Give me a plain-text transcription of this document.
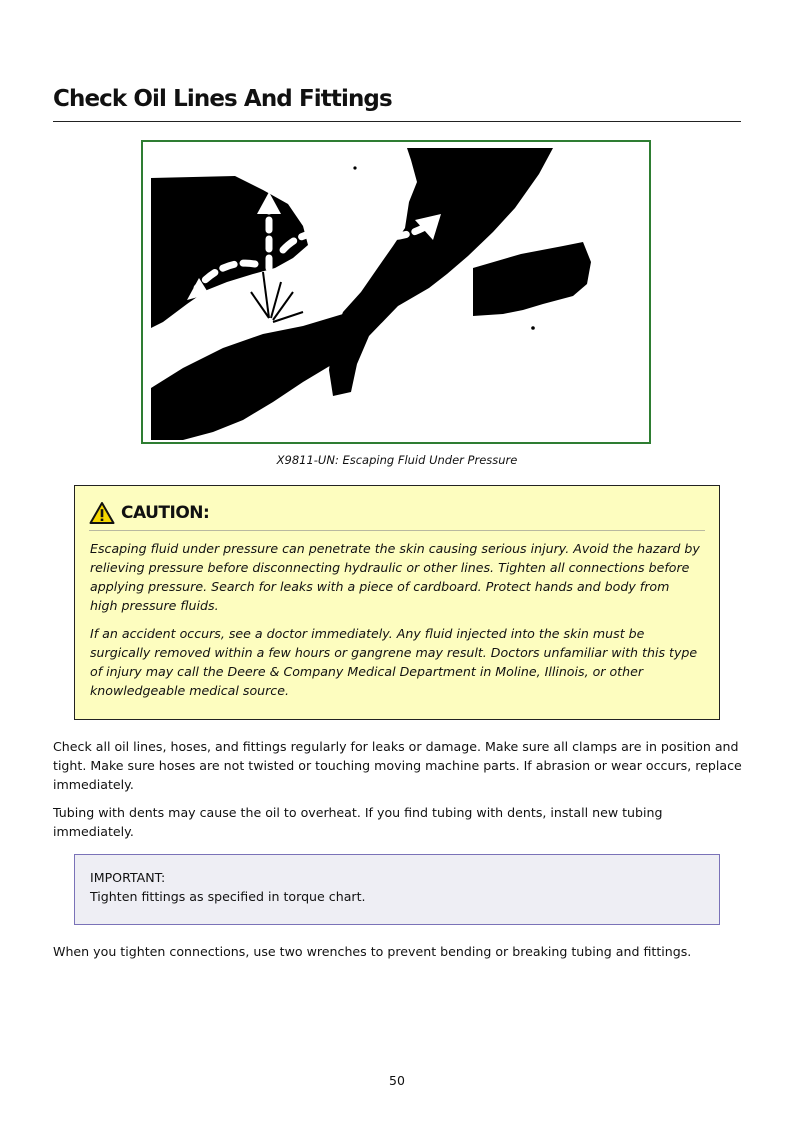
Check Oil Lines And Fittings
X9811-UN: Escaping Fluid Under Pressure
CAUTION:

Escaping fluid under pressure can penetrate the skin causing serious injury. Avoid the hazard by relieving pressure before disconnecting hydraulic or other lines. Tighten all connections before applying pressure. Search for leaks with a piece of cardboard. Protect hands and body from high pressure fluids.

If an accident occurs, see a doctor immediately. Any fluid injected into the skin must be surgically removed within a few hours or gangrene may result. Doctors unfamiliar with this type of injury may call the Deere & Company Medical Department in Moline, Illinois, or other knowledgeable medical source.

Check all oil lines, hoses, and fittings regularly for leaks or damage. Make sure all clamps are in position and tight. Make sure hoses are not twisted or touching moving machine parts. If abrasion or wear occurs, replace immediately.

Tubing with dents may cause the oil to overheat. If you find tubing with dents, install new tubing immediately.

IMPORTANT:
Tighten fittings as specified in torque chart.

When you tighten connections, use two wrenches to prevent bending or breaking tubing and fittings.

50
